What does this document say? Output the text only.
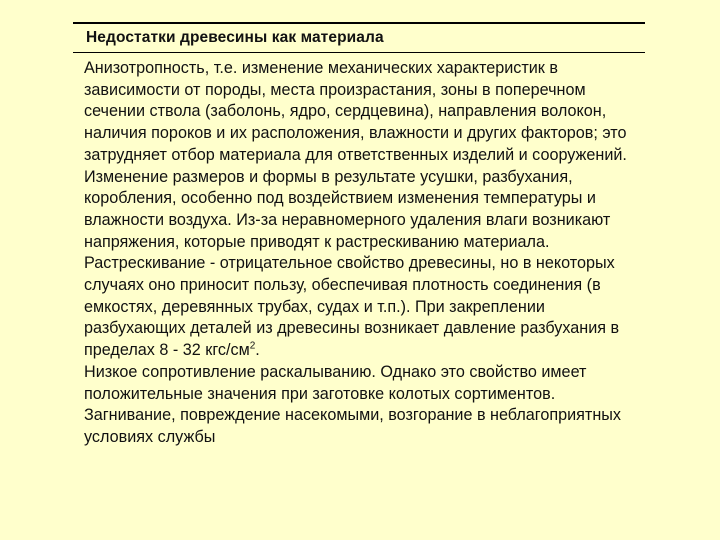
Недостатки древесины как материала

Анизотропность, т.е. изменение механических характеристик в зависимости от породы, места произрастания, зоны в поперечном сечении ствола (заболонь, ядро, сердцевина), направления волокон, наличия пороков и их расположения, влажности и других факторов; это затрудняет отбор материала для ответственных изделий и сооружений.

Изменение размеров и формы в результате усушки, разбухания, коробления, особенно под воздействием изменения температуры и влажности воздуха. Из-за неравномерного удаления влаги возникают напряжения, которые приводят к растрескиванию материала.

Растрескивание - отрицательное свойство древесины, но в некоторых случаях оно приносит пользу, обеспечивая плотность соединения (в емкостях, деревянных трубах, судах и т.п.). При закреплении разбухающих деталей из древесины возникает давление разбухания в пределах 8 - 32 кгс/$см^2$.

Низкое сопротивление раскалыванию. Однако это свойство имеет положительные значения при заготовке колотых сортиментов.

Загнивание, повреждение насекомыми, возгорание в неблагоприятных условиях службы
